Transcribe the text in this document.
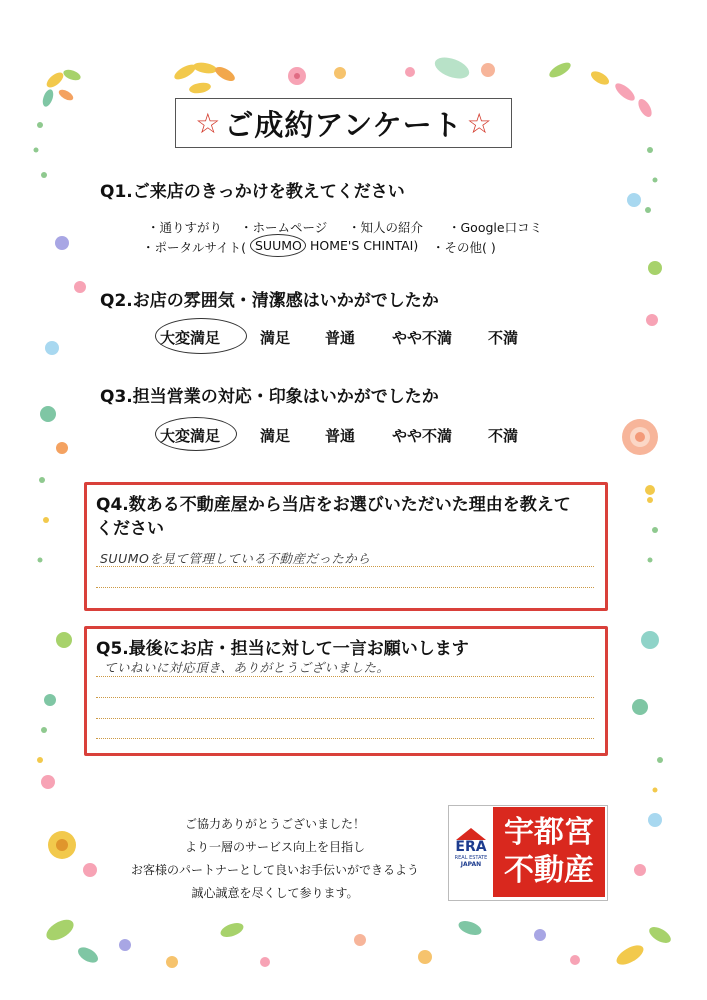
☆ ご成約アンケート ☆
Q1.ご来店のきっかけを教えてください
・通りすがり ・ホームページ ・知人の紹介 ・Google口コミ
・ポータルサイト( SUUMO HOME'S CHINTAI) ・その他( )
Q2.お店の雰囲気・清潔感はいかがでしたか
大変満足	満足 普通 やや不満 不満
Q3.担当営業の対応・印象はいかがでしたか
大変満足	満足 普通 やや不満 不満
Q4.数ある不動産屋から当店をお選びいただいた理由を教えて
ください
SUUMOを見て管理している不動産だったから
Q5.最後にお店・担当に対して一言お願いします
ていねいに対応頂き、ありがとうございました。
ご協力ありがとうございました！
より一層のサービス向上を目指し
お客様のパートナーとして良いお手伝いができるよう
誠心誠意を尽くして参ります。
ERA
REAL ESTATE
JAPAN
宇都宮
不動産
